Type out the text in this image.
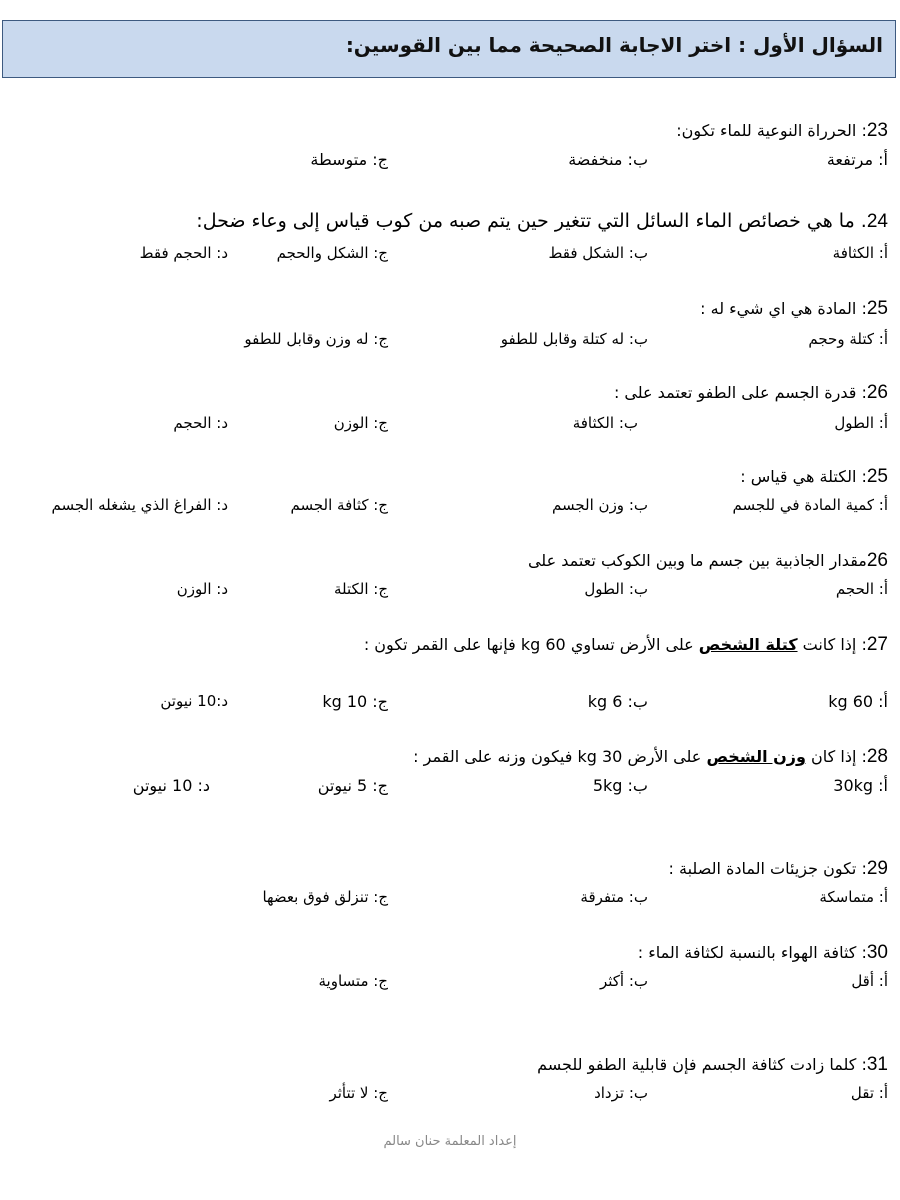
السؤال الأول : اختر الاجابة الصحيحة مما بين القوسين:
23: الحرراة النوعية للماء تكون:
أ: مرتفعة
ب: منخفضة
ج: متوسطة
24. ما هي خصائص الماء السائل التي تتغير حين يتم صبه من كوب قياس إلى وعاء ضحل:
أ: الكثافة
ب: الشكل فقط
ج: الشكل والحجم
د: الحجم فقط
25: المادة هي اي شيء له :
أ: كتلة وحجم
ب: له كتلة وقابل للطفو
ج: له وزن وقابل للطفو
26: قدرة الجسم على الطفو تعتمد على :
أ: الطول
ب: الكثافة
ج: الوزن
د: الحجم
25: الكتلة هي قياس :
أ: كمية المادة في للجسم
ب: وزن الجسم
ج: كثافة الجسم
د: الفراغ الذي يشغله الجسم
26مقدار الجاذبية بين جسم ما وبين الكوكب تعتمد على
أ: الحجم
ب: الطول
ج: الكتلة
د: الوزن
27: إذا كانت كتلة الشخص على الأرض تساوي 60 kg فإنها على القمر تكون :
أ: 60 kg
ب: 6 kg
ج: 10 kg
د:10 نيوتن
28: إذا كان وزن الشخص على الأرض 30 kg فيكون وزنه على القمر :
أ: 30kg
ب: 5kg
ج: 5 نيوتن
د: 10 نيوتن
29: تكون جزيئات المادة الصلبة :
أ: متماسكة
ب: متفرقة
ج: تنزلق فوق بعضها
30: كثافة الهواء بالنسبة لكثافة الماء :
أ: أقل
ب: أكثر
ج: متساوية
31: كلما زادت كثافة الجسم فإن قابلية الطفو للجسم
أ: تقل
ب: تزداد
ج: لا تتأثر
إعداد المعلمة حنان سالم
